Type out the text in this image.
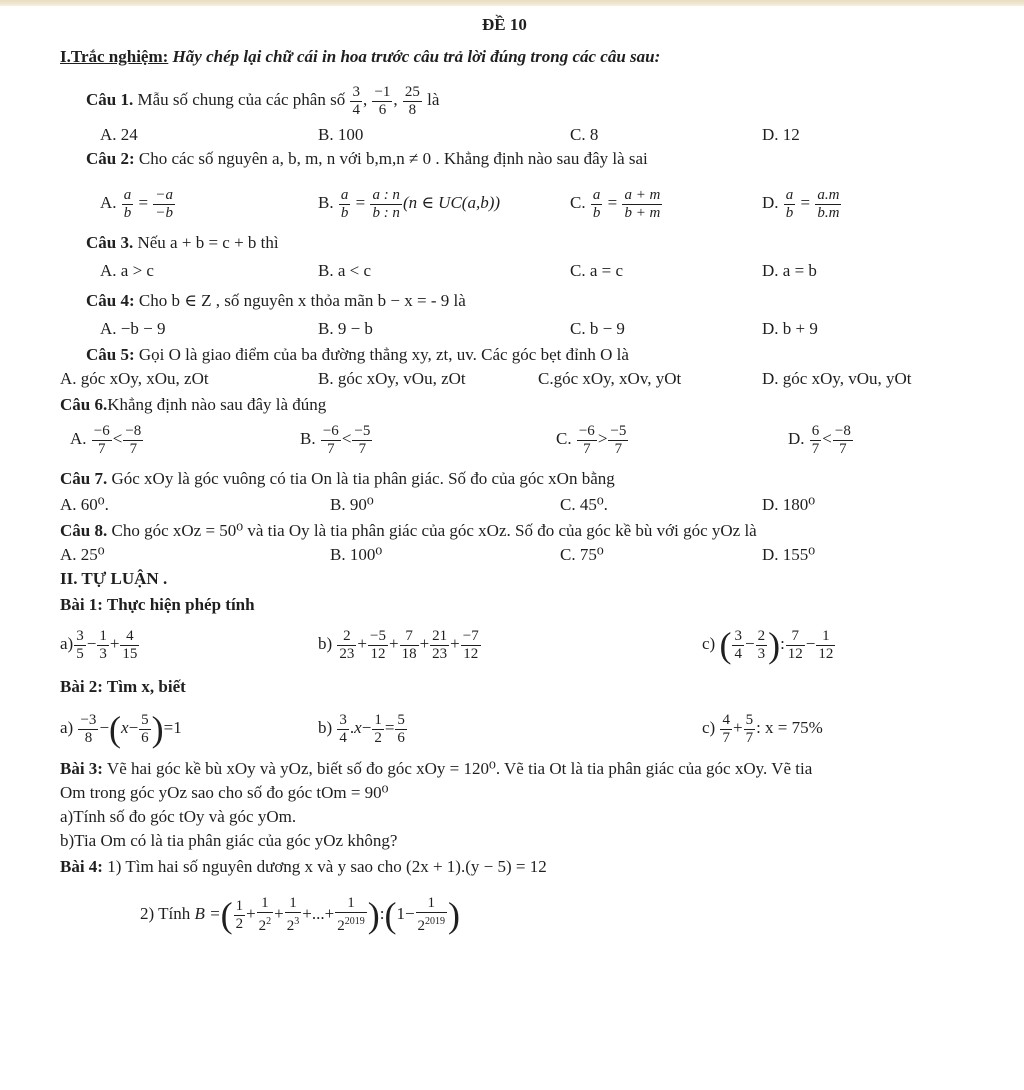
ĐỀ 10
I.Trắc nghiệm: Hãy chép lại chữ cái in hoa trước câu trả lời đúng trong các câu sau:
Câu 1. Mẫu số chung của các phân số $\frac{3}{4}$ , $\frac{-1}{6}$ , $\frac{25}{8}$ là
A. 24	B. 100	C. 8	D. 12
Câu 2: Cho các số nguyên a, b, m, n với b,m,n ≠ 0 . Khẳng định nào sau đây là sai
A. $\frac{a}{b} = \frac{-a}{-b}$	B. $\frac{a}{b} = \frac{a : n}{b : n} (n$ ∈ UC(a,b))	C. $\frac{a}{b} = \frac{a + m}{b + m}$	D. $\frac{a}{b} = \frac{a.m}{b.m}$
Câu 3. Nếu a + b = c + b thì
A. a > c	B. a < c	C. a = c	D. a = b
Câu 4: Cho b ∈ Z , số nguyên x thỏa mãn b − x = - 9 là
A. −b − 9	B. 9 − b	C. b − 9	D. b + 9
Câu 5: Gọi O là giao điểm của ba đường thẳng xy, zt, uv. Các góc bẹt đỉnh O là
A. góc xOy, xOu, zOt	B. góc xOy, vOu, zOt	C.góc xOy, xOv, yOt	D. góc xOy, vOu, yOt
Câu 6.Khẳng định nào sau đây là đúng
A. $\frac{-6}{7} < \frac{-8}{7}$	B. $\frac{-6}{7} < \frac{-5}{7}$	C. $\frac{-6}{7} > \frac{-5}{7}$	D. $\frac{6}{7} < \frac{-8}{7}$
Câu 7. Góc xOy là góc vuông có tia On là tia phân giác. Số đo của góc xOn bằng
A. 60⁰.	B. 90⁰	C. 45⁰.	D. 180⁰
Câu 8. Cho góc xOz = 50⁰ và tia Oy là tia phân giác của góc xOz. Số đo của góc kề bù với góc yOz là
A. 25⁰	B. 100⁰	C. 75⁰	D. 155⁰
II. TỰ LUẬN .
Bài 1: Thực hiện phép tính
$a) \frac{3}{5} - \frac{1}{3} + \frac{4}{15}$	$b) \frac{2}{23} + \frac{-5}{12} + \frac{7}{18} + \frac{21}{23} + \frac{-7}{12}$	c) ( $\frac{3}{4} - \frac{2}{3}$ ): $\frac{7}{12} - \frac{1}{12}$
Bài 2: Tìm x, biết
$a) \frac{-3}{8} -(x- \frac{5}{6} )=1$	$b) \frac{3}{4} .x- \frac{1}{2} = \frac{5}{6}$	$c) \frac{4}{7} + \frac{5}{7}$ : x = 75%
Bài 3: Vẽ hai góc kề bù xOy và yOz, biết số đo góc xOy = 120⁰. Vẽ tia Ot là tia phân giác của góc xOy. Vẽ tia
Om trong góc yOz sao cho số đo góc tOm = 90⁰
a)Tính số đo góc tOy và góc yOm.
b)Tia Om có là tia phân giác của góc yOz không?
Bài 4: 1) Tìm hai số nguyên dương x và y sao cho (2x + 1).(y − 5) = 12
2) Tính B =( $\frac{1}{2} + \frac{1}{2^2} + \frac{1}{2^3}$ +...+ $\frac{1}{2^{2019}}$ ):(1− $\frac{1}{2^{2019}}$ )
